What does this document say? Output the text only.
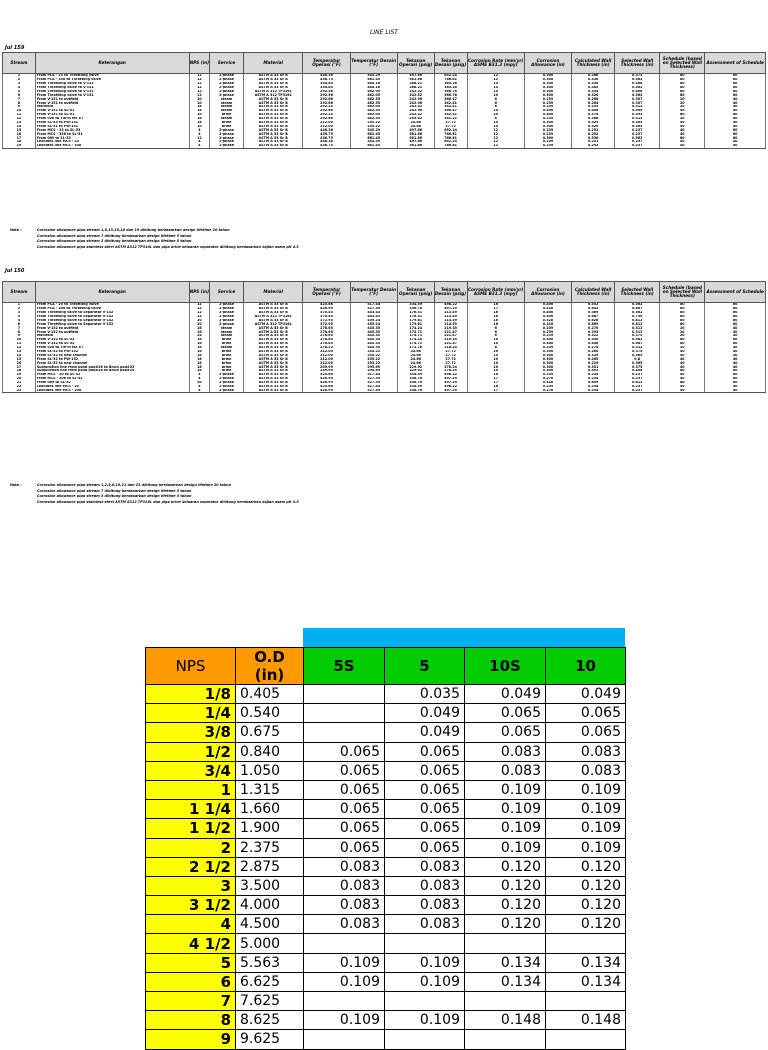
LINE LIST
Jul 159
Stream	Keterangan	NPS (in)	Service	Material	Temperatur Operasi (°F)	Temperatur Desain (°F)	Tekanan Operasi (psig)	Tekanan Desain (psig)	Corrosion Rate (mm/yr) ASME B31.3 (mpy)	Corrosion Allowance (in)	Calculated Wall Thickness (in)	Selected Wall Thickness (in)	Schedule (based on Selected Wall Thickness)	Assessment of Schedule
1	From PCA - 23 to Throttling valve	12	2-phase	ASTM A 53 Gr B	446.36	545.29	497.66	652.24	12	0.300	0.286	0.375	60	80
2	From PCA - 336 to Throttling valve	12	2-phase	ASTM A 53 Gr B	436.75	661.45	561.66	766.81	12	0.300	0.536	0.562	80	80
3	From Throttling valve to V-151	12	2-phase	ASTM A 53 Gr B	354.85	464.16	268.21	365.28	14	0.300	0.338	0.406	80	80
4	From Throttling valve to V-151	12	2-phase	ASTM A 53 Gr B	354.85	464.16	268.21	365.28	14	0.300	0.582	0.562	80	80
5	From Throttling valve to V-151	12	2-phase	ASTM A 312 TP316L	292.36	462.05	242.52	366.76	10	0.300	0.334	0.406	80	80
6	From Throttling valve to V-151	12	2-phase	ASTM A 312 TP316L	292.36	462.05	242.52	366.76	10	0.300	0.326	0.562	80	80
7	From V-151 to outfield	10	steam	ASTM A 53 Gr B	292.66	462.55	242.96	366.47	6	0.239	0.268	0.307	20	40
8	From V-151 to outfield	10	steam	ASTM A 53 Gr B	292.66	462.55	242.96	342.41	6	0.239	0.264	0.307	20	40
9	Manifold	16	steam	ASTM A 53 Gr B	292.25	462.05	242.52	342.41	6	0.239	0.255	0.312	20	40
10	From V-151 to SL-51	16	steam	ASTM A 53 Gr B	292.66	462.55	242.96	366.47	10	0.400	0.456	0.500	40	40
11	From V-151 to SL-51	10	brine	ASTM A 53 Gr B	292.25	462.05	242.52	342.41	10	0.400	0.574	0.593	80	80
12	From 026 to Tie-in for #7	16	steam	ASTM A 53 Gr B	292.66	462.55	259.42	341.21	6	0.239	0.288	0.312	20	40
13	From SL-53 to PW-151	16	brine	ASTM A 53 Gr B	212.00	255.22	24.66	27.72	10	0.300	0.329	0.365	40	40
14	From SL-51 to PW-151	10	brine	ASTM A 53 Gr B	212.00	255.22	24.66	27.72	10	0.300	0.320	0.365	40	40
15	From MCS - 23 to SL-53	4	2-phase	ASTM A 53 Gr B	446.36	545.29	497.66	652.24	12	0.239	0.251	0.237	40	80
16	From MCS - 336 to SL-51	4	2-phase	ASTM A 53 Gr B	436.75	661.45	561.66	766.81	12	0.239	0.292	0.237	40	80
17	From 069 to SL-53	12	2-phase	ASTM A 53 Gr B	436.75	661.45	561.66	766.81	12	0.300	0.536	0.562	80	80
18	Leonides line MCS - 23	4	2-phase	ASTM A 53 Gr B	446.36	545.29	497.66	652.24	12	0.239	0.251	0.237	40	40
19	Leonides line MCS - 336	4	2-phase	ASTM A 53 Gr B	436.75	661.45	561.66	766.81	12	0.239	0.292	0.237	40	40
Note :	Corrosion allowance pipa stream 1,6,15,16,18 dan 19 dihitung berdasarkan design lifetime 20 tahun
Corrosion allowance pipa stream 7 dihitung berdasarkan design lifetime 5 tahun
Corrosion allowance pipa stream 3 dihitung berdasarkan design lifetime 5 tahun
Corrosion allowance pipa stainless steel ASTM A312 TP316L dan pipa brine keluaran separator dihitung berdasarkan kajian asam pH 4.5
Jul 150
Stream	Keterangan	NPS (in)	Service	Material	Temperatur Operasi (°F)	Temperatur Desain (°F)	Tekanan Operasi (psig)	Tekanan Desain (psig)	Corrosion Rate (mm/yr) ASME B31.3 (mpy)	Corrosion Allowance (in)	Calculated Wall Thickness (in)	Selected Wall Thickness (in)	Schedule (based on Selected Wall Thickness)	Assessment of Schedule
1	From PCA - 20 to Throttling valve	12	2-phase	ASTM A 53 Gr B	425.66	517.44	334.59	498.22	16	0.400	0.552	0.562	80	80
2	From PCA - 206 to Throttling valve	12	2-phase	ASTM A 53 Gr B	426.99	517.59	336.78	497.29	17	0.416	0.642	0.687	80	80
3	From Throttling valve to Separator V-152	12	2-phase	ASTM A 53 Gr B	370.43	443.43	176.31	213.49	16	0.400	0.569	0.562	80	80
4	From Throttling valve to Separator V-152	12	2-phase	ASTM A 312 TP316L	370.43	443.43	176.31	213.49	16	0.400	0.687	0.750	80	80
5	From Throttling valve to Separator V-152	20	2-phase	ASTM A 53 Gr B	372.95	459.24	179.61	214.59	16	0.416	0.626	0.812	80	80
6	From Throttling valve to Separator V-152	20	2-phase	ASTM A 312 TP316L	372.95	459.24	179.61	214.59	16	0.416	0.669	0.812	80	80
7	From V-152 to outfield	16	steam	ASTM A 53 Gr B	278.65	445.35	174.24	219.35	6	0.239	0.270	0.312	20	40
8	From V-152 to outfield	16	steam	ASTM A 53 Gr B	278.65	445.35	174.71	221.47	6	0.239	0.293	0.312	20	40
9	Manifold	24	steam	ASTM A 53 Gr B	278.65	445.35	174.71	221.47	6	0.239	0.322	0.375	20	40
10	From V-152 to SL-52	16	brine	ASTM A 53 Gr B	278.65	445.35	174.24	219.35	10	0.400	0.550	0.562	80	80
11	From V-152 to SL-52	16	brine	ASTM A 53 Gr B	278.65	445.35	174.71	221.47	10	0.400	0.646	0.687	80	80
12	From 026 to Tie-in for #7	16	steam	ASTM A 53 Gr B	278.22	445.35	172.76	218.24	6	0.239	0.278	0.312	20	40
13	From SL-52 to PW-152	16	brine	ASTM A 53 Gr B	212.00	255.22	24.66	27.72	10	0.300	0.260	0.375	40	40
14	From SL-52 to new channel	16	brine	ASTM A 53 Gr B	212.00	255.22	24.66	27.72	10	0.300	0.329	0.365	40	40
15	From SL-52 to PW-152	16	brine	ASTM A 53 Gr B	212.00	255.22	24.66	27.72	10	0.300	0.260	0.8	40	40
16	From SL-52 to new channel	16	brine	ASTM A 53 Gr B	212.00	255.22	24.66	27.72	10	0.300	0.229	0.365	40	40
17	Subjunction line from pond pad#26 to Bruin pad#25	16	brine	ASTM A 53 Gr B	249.99	295.69	229.92	278.24	10	0.300	0.351	0.375	40	40
18	Subjunction line from pond pad#26 to Bruin pad#25	16	brine	ASTM A 53 Gr B	249.99	295.69	229.92	278.24	10	0.300	0.492	0.406	80	80
19	From MCS - 20 to SL-52	4	2-phase	ASTM A 53 Gr B	425.66	517.44	334.59	498.22	16	0.239	0.234	0.237	40	80
20	From MCS - 206 to SL-52	4	2-phase	ASTM A 53 Gr B	426.99	517.59	336.78	497.29	17	0.278	0.234	0.237	40	80
21	From 069 to SL-52	20	2-phase	ASTM A 53 Gr B	426.99	517.59	336.78	497.29	17	0.416	0.659	0.812	80	80
22	Leonides line MCS - 20	4	2-phase	ASTM A 53 Gr B	425.66	517.44	334.59	498.22	16	0.239	0.234	0.237	40	40
23	Leonides line MCS - 206	4	2-phase	ASTM A 53 Gr B	426.99	517.59	336.78	497.29	17	0.278	0.234	0.237	40	40
Note :	Corrosion allowance pipa stream 1,2,5,6,19,21 dan 23 dihitung berdasarkan design lifetime 20 tahun
Corrosion allowance pipa stream 7 dihitung berdasarkan design lifetime 5 tahun
Corrosion allowance pipa stream 3 dihitung berdasarkan design lifetime 5 tahun
Corrosion allowance pipa stainless steel ASTM A312 TP316L dan pipa brine keluaran separator dihitung berdasarkan kajian asam pH 4.5
NPS	O.D (in)	5S	5	10S	10
1/8	0.405		0.035	0.049	0.049
1/4	0.540		0.049	0.065	0.065
3/8	0.675		0.049	0.065	0.065
1/2	0.840	0.065	0.065	0.083	0.083
3/4	1.050	0.065	0.065	0.083	0.083
1	1.315	0.065	0.065	0.109	0.109
1 1/4	1.660	0.065	0.065	0.109	0.109
1 1/2	1.900	0.065	0.065	0.109	0.109
2	2.375	0.065	0.065	0.109	0.109
2 1/2	2.875	0.083	0.083	0.120	0.120
3	3.500	0.083	0.083	0.120	0.120
3 1/2	4.000	0.083	0.083	0.120	0.120
4	4.500	0.083	0.083	0.120	0.120
4 1/2	5.000				
5	5.563	0.109	0.109	0.134	0.134
6	6.625	0.109	0.109	0.134	0.134
7	7.625				
8	8.625	0.109	0.109	0.148	0.148
9	9.625				
